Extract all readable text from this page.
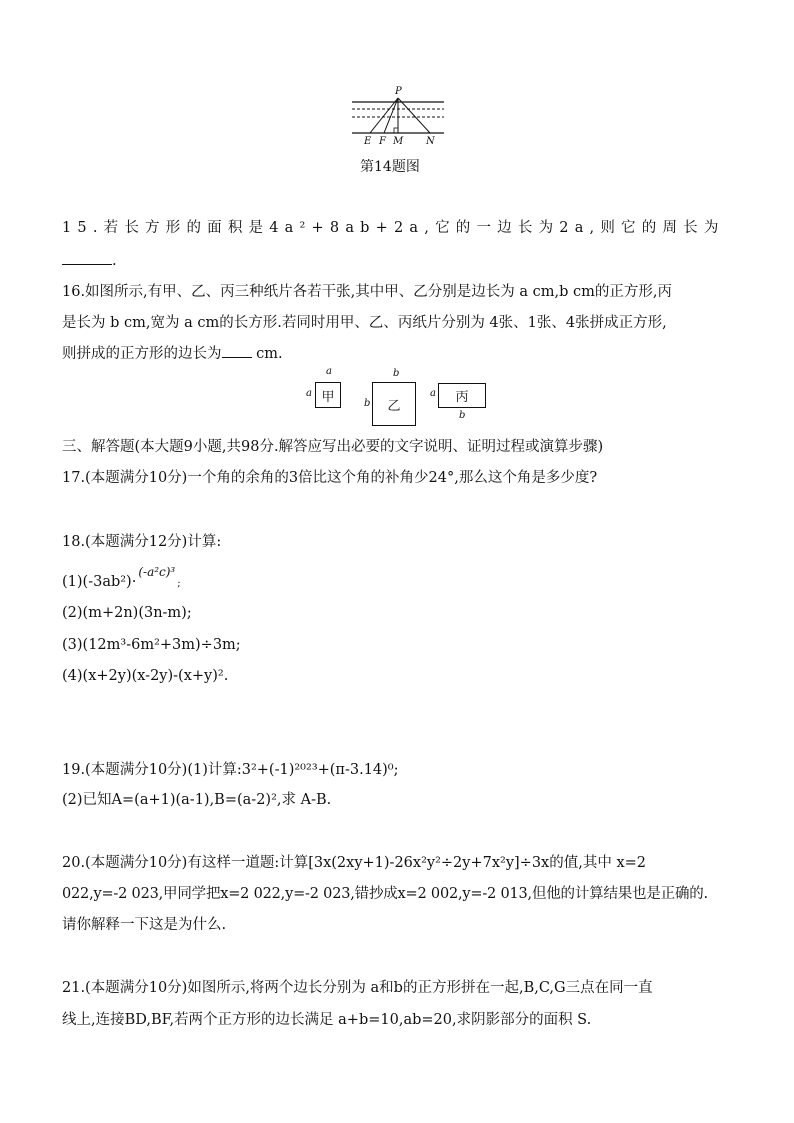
P
E F M N
第14题图
15.若长方形的面积是4a²+8ab+2a,它的一边长为2a,则它的周长为
.
16.如图所示,有甲、乙、丙三种纸片各若干张,其中甲、乙分别是边长为 a cm,b cm的正方形,丙
是长为 b cm,宽为 a cm的长方形.若同时用甲、乙、丙纸片分别为 4张、1张、4张拼成正方形,
则拼成的正方形的边长为 cm.
a
a 甲
b
b 乙
a 丙
b
三、解答题(本大题9小题,共98分.解答应写出必要的文字说明、证明过程或演算步骤)
17.(本题满分10分)一个角的余角的3倍比这个角的补角少24°,那么这个角是多少度?
18.(本题满分12分)计算:
(1)(-3ab²)·$^{(-a^2c)^3}$;
(2)(m+2n)(3n-m);
(3)(12m³-6m²+3m)÷3m;
(4)(x+2y)(x-2y)-(x+y)².
19.(本题满分10分)(1)计算:3²+(-1)²⁰²³+(π-3.14)⁰;
(2)已知A=(a+1)(a-1),B=(a-2)²,求 A-B.
20.(本题满分10分)有这样一道题:计算[3x(2xy+1)-26x²y²÷2y+7x²y]÷3x的值,其中 x=2
022,y=-2 023,甲同学把x=2 022,y=-2 023,错抄成x=2 002,y=-2 013,但他的计算结果也是正确的.
请你解释一下这是为什么.
21.(本题满分10分)如图所示,将两个边长分别为 a和b的正方形拼在一起,B,C,G三点在同一直
线上,连接BD,BF,若两个正方形的边长满足 a+b=10,ab=20,求阴影部分的面积 S.
